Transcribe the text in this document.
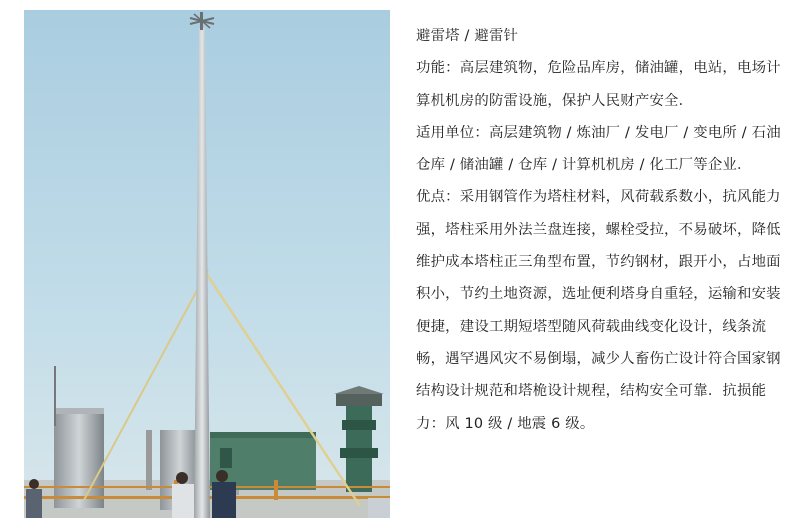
避雷塔 / 避雷针

功能：高层建筑物，危险品库房，储油罐，电站，电场计算机机房的防雷设施，保护人民财产安全．

适用单位：高层建筑物 / 炼油厂 / 发电厂 / 变电所 / 石油仓库 / 储油罐 / 仓库 / 计算机机房 / 化工厂等企业．

优点：采用钢管作为塔柱材料，风荷载系数小，抗风能力强，塔柱采用外法兰盘连接，螺栓受拉，不易破坏，降低维护成本塔柱正三角型布置，节约钢材，跟开小，占地面积小，节约土地资源，选址便利塔身自重轻，运输和安装便捷，建设工期短塔型随风荷载曲线变化设计，线条流畅，遇罕遇风灾不易倒塌，减少人畜伤亡设计符合国家钢结构设计规范和塔桅设计规程，结构安全可靠．抗损能力：风 10 级 / 地震 6 级。
